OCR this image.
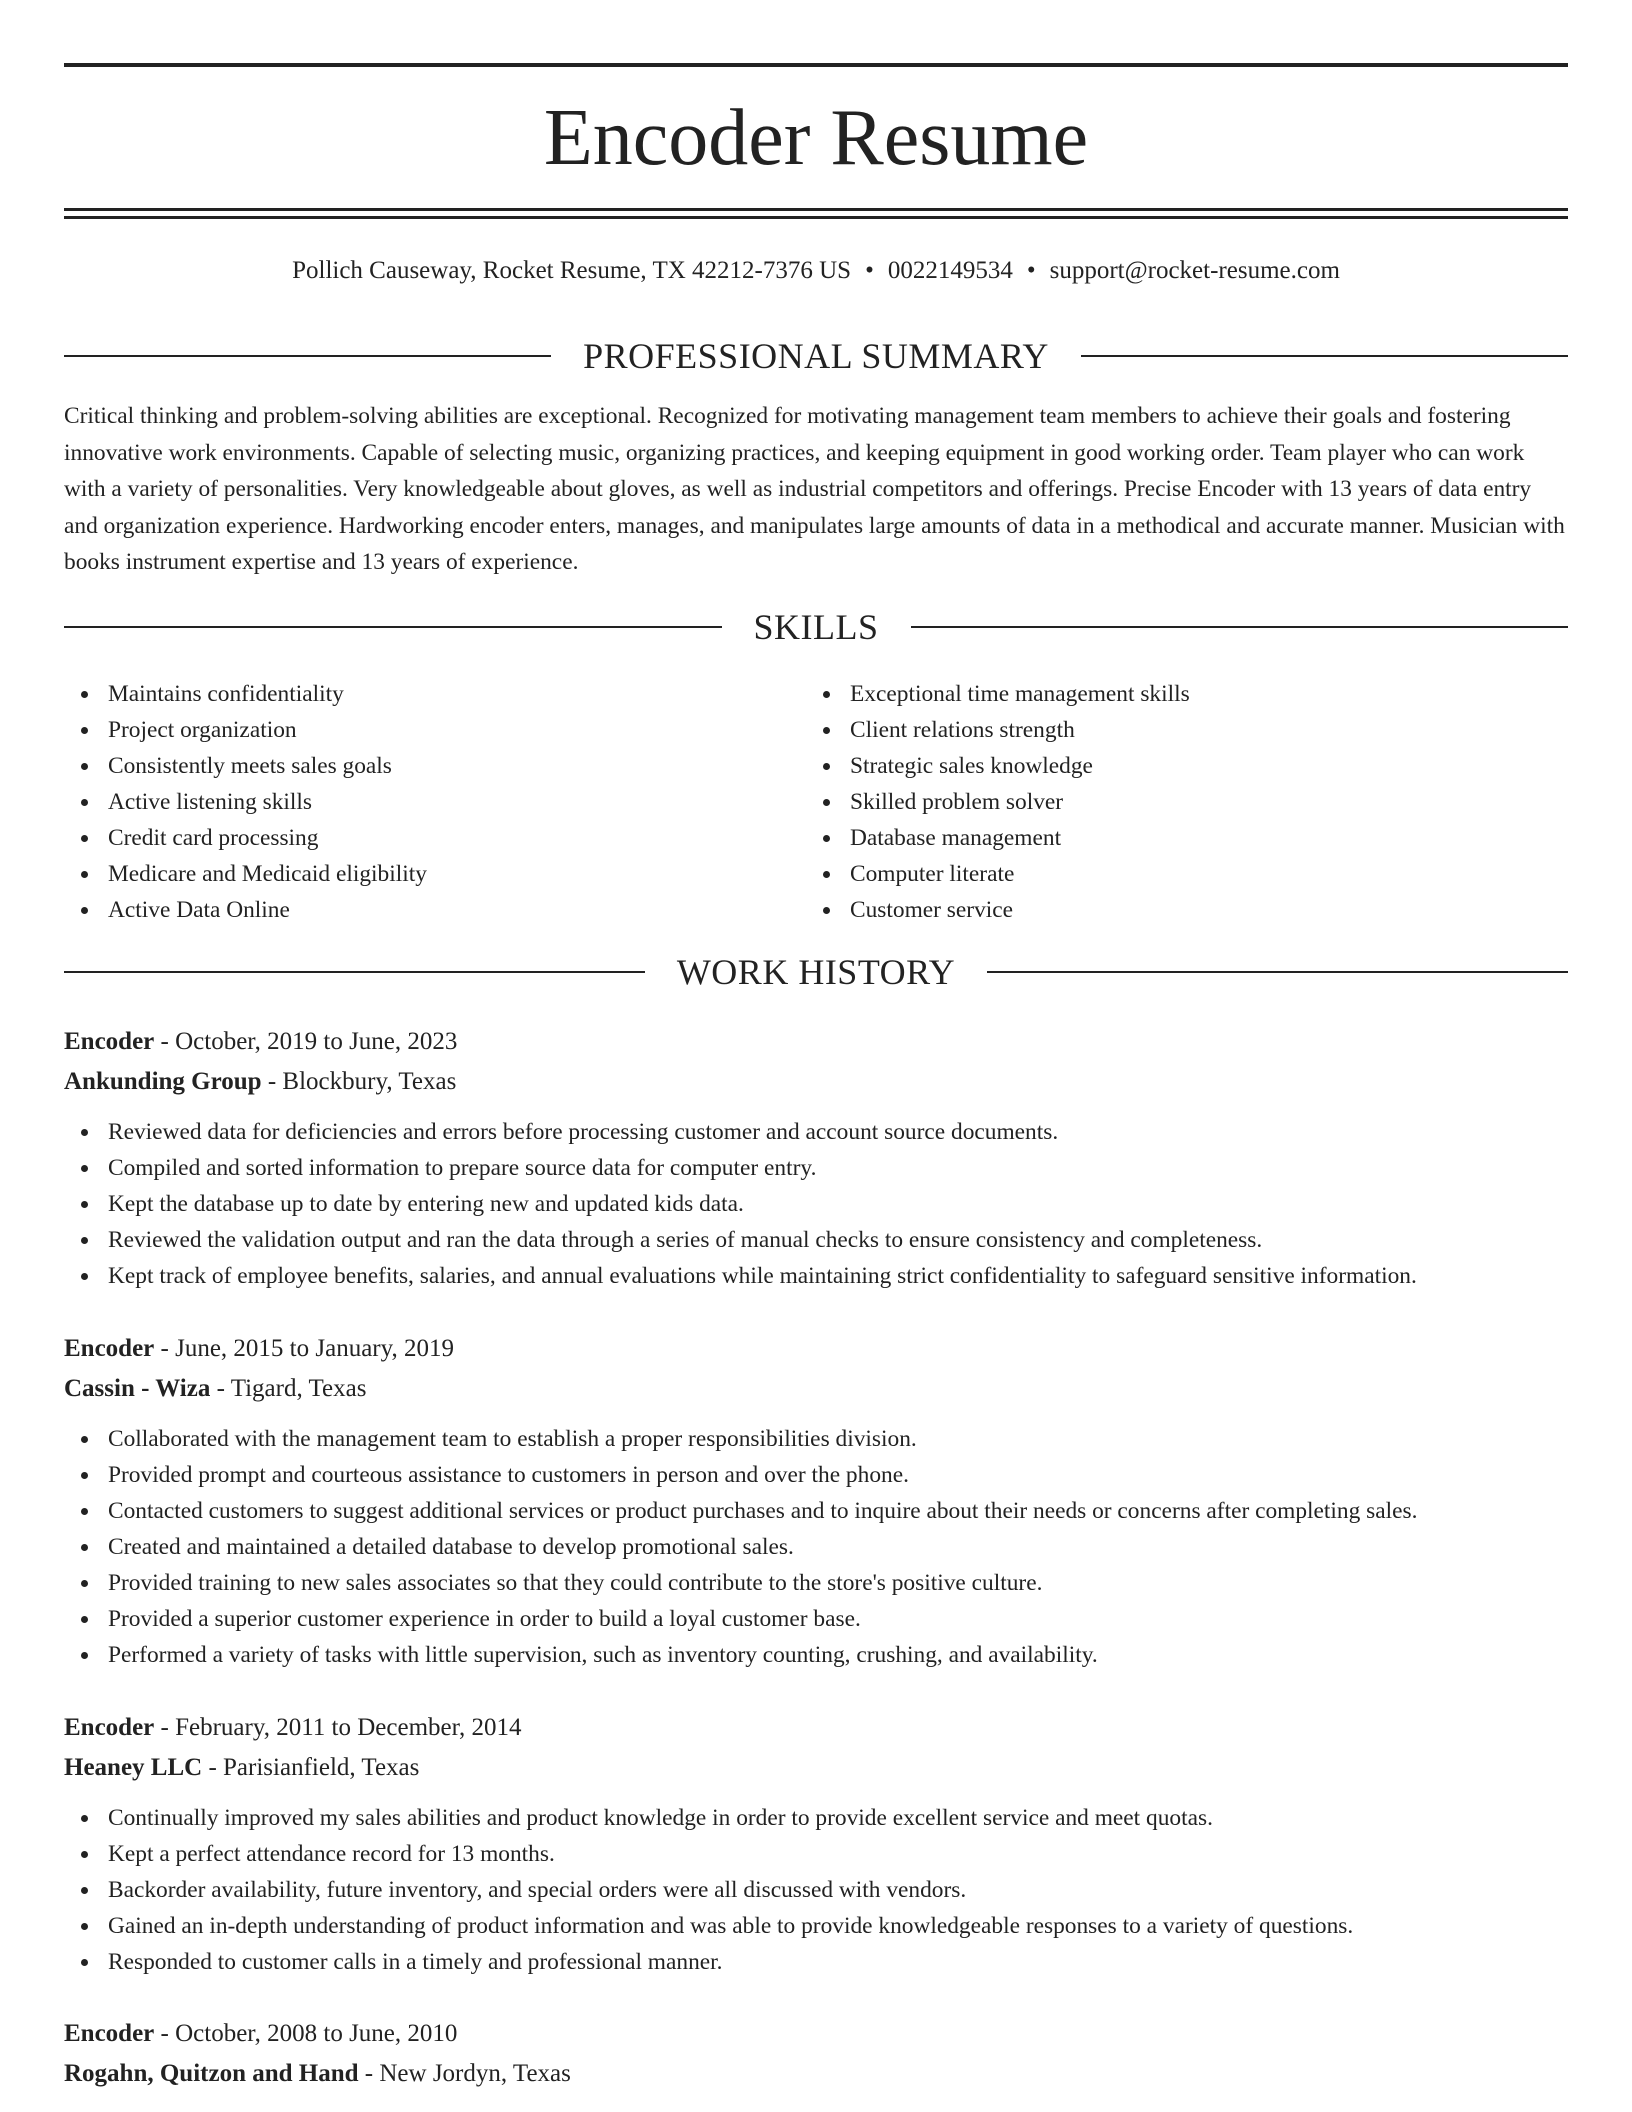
Encoder Resume
Pollich Causeway, Rocket Resume, TX 42212-7376 US • 0022149534 • support@rocket-resume.com
PROFESSIONAL SUMMARY

Critical thinking and problem-solving abilities are exceptional. Recognized for motivating management team members to achieve their goals and fostering innovative work environments. Capable of selecting music, organizing practices, and keeping equipment in good working order. Team player who can work with a variety of personalities. Very knowledgeable about gloves, as well as industrial competitors and offerings. Precise Encoder with 13 years of data entry and organization experience. Hardworking encoder enters, manages, and manipulates large amounts of data in a methodical and accurate manner. Musician with books instrument expertise and 13 years of experience.

SKILLS
Maintains confidentiality
Project organization
Consistently meets sales goals
Active listening skills
Credit card processing
Medicare and Medicaid eligibility
Active Data Online
Exceptional time management skills
Client relations strength
Strategic sales knowledge
Skilled problem solver
Database management
Computer literate
Customer service
WORK HISTORY

Encoder - October, 2019 to June, 2023

Ankunding Group - Blockbury, Texas

Reviewed data for deficiencies and errors before processing customer and account source documents.
Compiled and sorted information to prepare source data for computer entry.
Kept the database up to date by entering new and updated kids data.
Reviewed the validation output and ran the data through a series of manual checks to ensure consistency and completeness.
Kept track of employee benefits, salaries, and annual evaluations while maintaining strict confidentiality to safeguard sensitive information.

Encoder - June, 2015 to January, 2019

Cassin - Wiza - Tigard, Texas

Collaborated with the management team to establish a proper responsibilities division.
Provided prompt and courteous assistance to customers in person and over the phone.
Contacted customers to suggest additional services or product purchases and to inquire about their needs or concerns after completing sales.
Created and maintained a detailed database to develop promotional sales.
Provided training to new sales associates so that they could contribute to the store's positive culture.
Provided a superior customer experience in order to build a loyal customer base.
Performed a variety of tasks with little supervision, such as inventory counting, crushing, and availability.

Encoder - February, 2011 to December, 2014

Heaney LLC - Parisianfield, Texas

Continually improved my sales abilities and product knowledge in order to provide excellent service and meet quotas.
Kept a perfect attendance record for 13 months.
Backorder availability, future inventory, and special orders were all discussed with vendors.
Gained an in-depth understanding of product information and was able to provide knowledgeable responses to a variety of questions.
Responded to customer calls in a timely and professional manner.

Encoder - October, 2008 to June, 2010

Rogahn, Quitzon and Hand - New Jordyn, Texas
